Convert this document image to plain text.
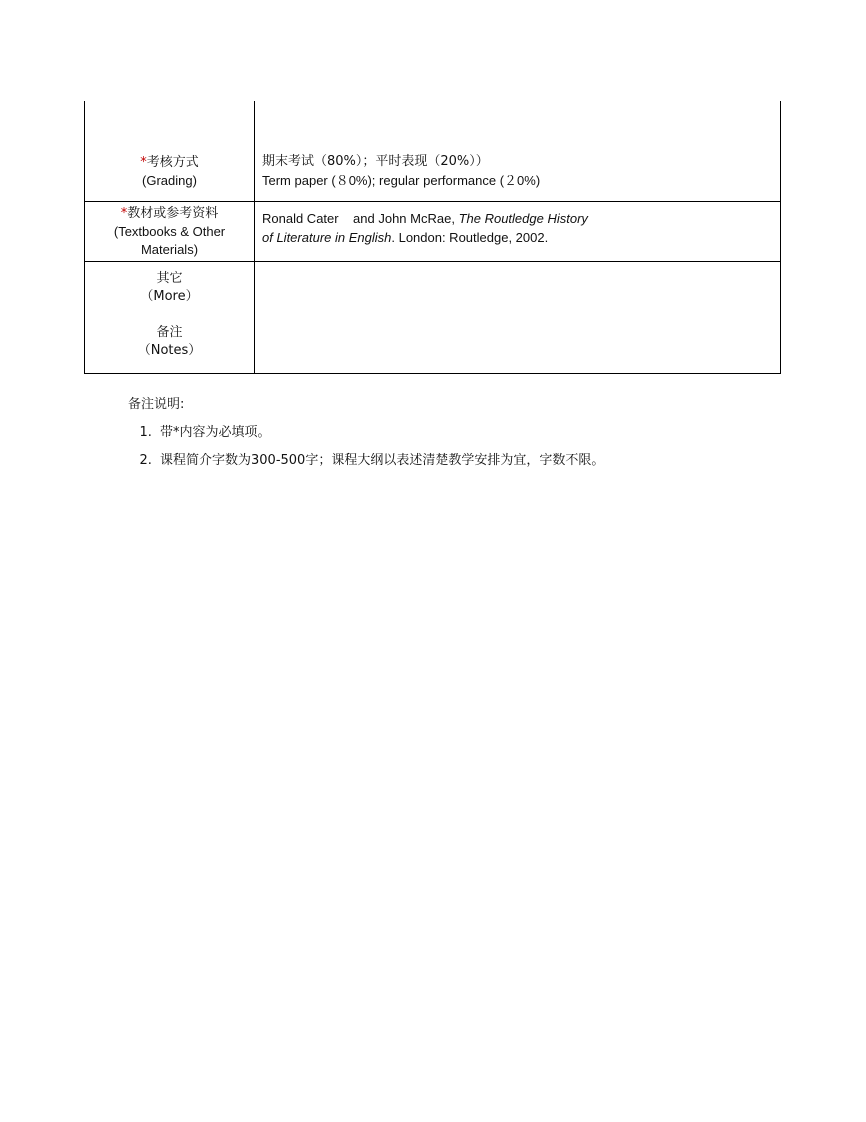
*考核方式
(Grading)
期末考试（80%）；平时表现（20%））
Term paper (８0%); regular performance (２0%)
*教材或参考资料
(Textbooks & Other
Materials)
Ronald Cater    and John McRae, The Routledge History
of Literature in English. London: Routledge, 2002.
其它
（More）
备注
（Notes）
备注说明:
1. 带*内容为必填项。
2. 课程简介字数为300-500字；课程大纲以表述清楚教学安排为宜，字数不限。
